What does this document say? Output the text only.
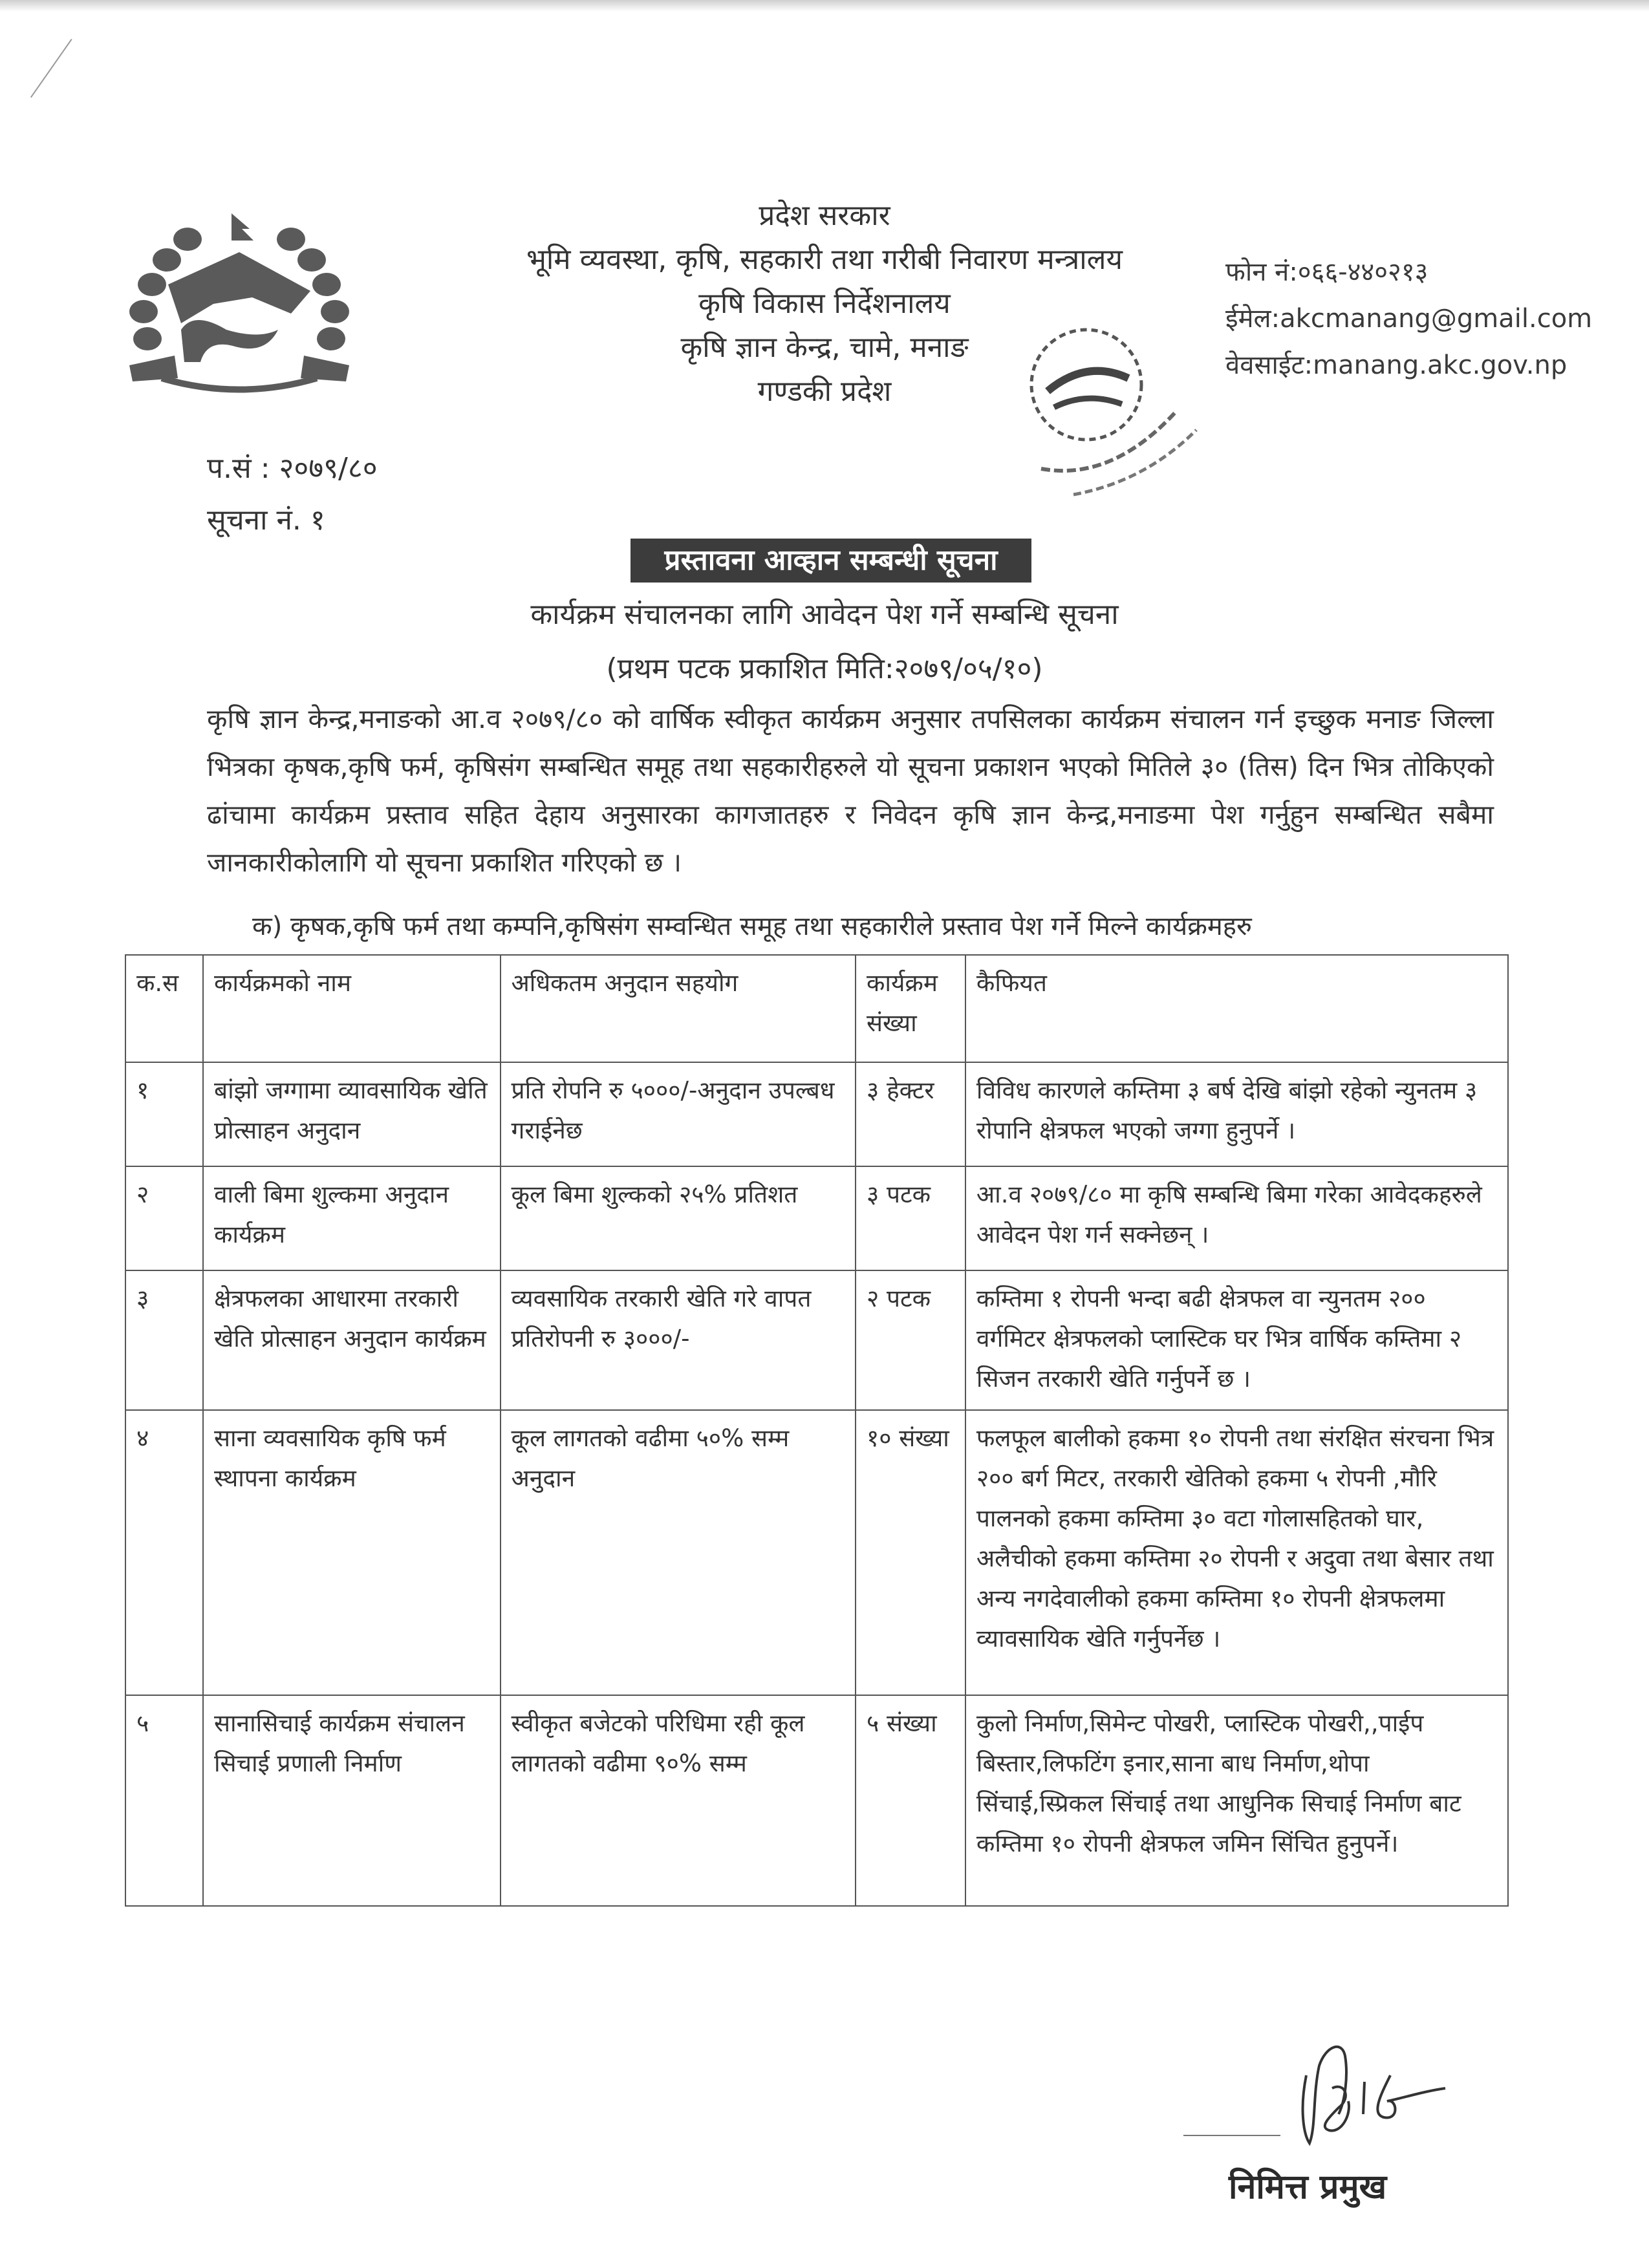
प्रदेश सरकार
भूमि व्यवस्था, कृषि, सहकारी तथा गरीबी निवारण मन्त्रालय
कृषि विकास निर्देशनालय
कृषि ज्ञान केन्द्र, चामे, मनाङ
गण्डकी प्रदेश
फोन नं:०६६-४४०२१३
ईमेल:akcmanang@gmail.com
वेवसाईट:manang.akc.gov.np
प.सं : २०७९/८०
सूचना नं. १
प्रस्तावना आव्हान सम्बन्धी सूचना
कार्यक्रम संचालनका लागि आवेदन पेश गर्ने सम्बन्धि सूचना
(प्रथम पटक प्रकाशित मिति:२०७९/०५/१०)
कृषि ज्ञान केन्द्र,मनाङको आ.व २०७९/८० को वार्षिक स्वीकृत कार्यक्रम अनुसार तपसिलका कार्यक्रम संचालन गर्न इच्छुक मनाङ जिल्ला भित्रका कृषक,कृषि फर्म, कृषिसंग सम्बन्धित समूह तथा सहकारीहरुले यो सूचना प्रकाशन भएको मितिले ३० (तिस) दिन भित्र तोकिएको ढांचामा कार्यक्रम प्रस्ताव सहित देहाय अनुसारका कागजातहरु र निवेदन कृषि ज्ञान केन्द्र,मनाङमा पेश गर्नुहुन सम्बन्धित सबैमा जानकारीकोलागि यो सूचना प्रकाशित गरिएको छ ।
क) कृषक,कृषि फर्म तथा कम्पनि,कृषिसंग सम्वन्धित समूह तथा सहकारीले प्रस्ताव पेश गर्ने मिल्ने कार्यक्रमहरु
क.स	कार्यक्रमको नाम	अधिकतम अनुदान सहयोग	कार्यक्रम संख्या	कैफियत
१	बांझो जग्गामा व्यावसायिक खेति प्रोत्साहन अनुदान	प्रति रोपनि रु ५०००/-अनुदान उपल्बध गराईनेछ	३ हेक्टर	विविध कारणले कम्तिमा ३ बर्ष देखि बांझो रहेको न्युनतम ३ रोपानि क्षेत्रफल भएको जग्गा हुनुपर्ने ।
२	वाली बिमा शुल्कमा अनुदान कार्यक्रम	कूल बिमा शुल्कको २५% प्रतिशत	३ पटक	आ.व २०७९/८० मा कृषि सम्बन्धि बिमा गरेका आवेदकहरुले आवेदन पेश गर्न सक्नेछन् ।
३	क्षेत्रफलका आधारमा तरकारी खेति प्रोत्साहन अनुदान कार्यक्रम	व्यवसायिक तरकारी खेति गरे वापत प्रतिरोपनी रु ३०००/-	२ पटक	कम्तिमा १ रोपनी भन्दा बढी क्षेत्रफल वा न्युनतम २०० वर्गमिटर क्षेत्रफलको प्लास्टिक घर भित्र वार्षिक कम्तिमा २ सिजन तरकारी खेति गर्नुपर्ने छ ।
४	साना व्यवसायिक कृषि फर्म स्थापना कार्यक्रम	कूल लागतको वढीमा ५०% सम्म अनुदान	१० संख्या	फलफूल बालीको हकमा १० रोपनी तथा संरक्षित संरचना भित्र २०० बर्ग मिटर, तरकारी खेतिको हकमा ५ रोपनी ,मौरि पालनको हकमा कम्तिमा ३० वटा गोलासहितको घार, अलैचीको हकमा कम्तिमा २० रोपनी र अदुवा तथा बेसार तथा अन्य नगदेवालीको हकमा कम्तिमा १० रोपनी क्षेत्रफलमा व्यावसायिक खेति गर्नुपर्नेछ ।
५	सानासिचाई कार्यक्रम संचालन सिचाई प्रणाली निर्माण	स्वीकृत बजेटको परिधिमा रही कूल लागतको वढीमा ९०% सम्म	५ संख्या	कुलो निर्माण,सिमेन्ट पोखरी, प्लास्टिक पोखरी,,पाईप बिस्तार,लिफटिंग इनार,साना बाध निर्माण,थोपा सिंचाई,स्प्रिकल सिंचाई तथा आधुनिक सिचाई निर्माण बाट कम्तिमा १० रोपनी क्षेत्रफल जमिन सिंचित हुनुपर्ने।
निमित्त प्रमुख
